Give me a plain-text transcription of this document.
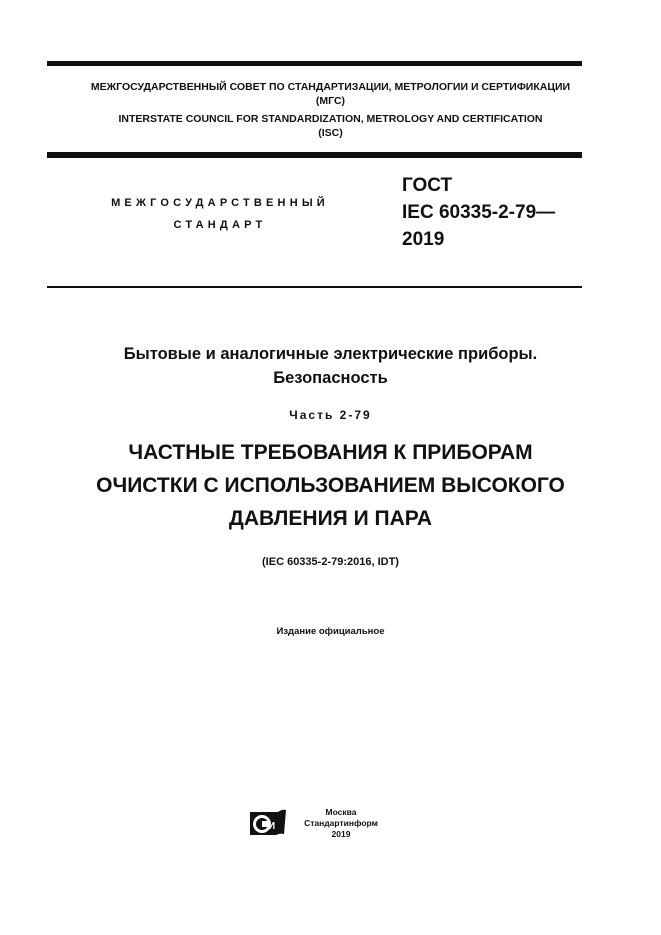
МЕЖГОСУДАРСТВЕННЫЙ СОВЕТ ПО СТАНДАРТИЗАЦИИ, МЕТРОЛОГИИ И СЕРТИФИКАЦИИ
(МГС)
INTERSTATE COUNCIL FOR STANDARDIZATION, METROLOGY AND CERTIFICATION
(ISC)
МЕЖГОСУДАРСТВЕННЫЙ
СТАНДАРТ
ГОСТ
IEC 60335-2-79—
2019
Бытовые и аналогичные электрические приборы.
Безопасность
Часть 2-79
ЧАСТНЫЕ ТРЕБОВАНИЯ К ПРИБОРАМ
ОЧИСТКИ С ИСПОЛЬЗОВАНИЕМ ВЫСОКОГО
ДАВЛЕНИЯ И ПАРА
(IEC 60335-2-79:2016, IDT)
Издание официальное
И
Москва
Стандартинформ
2019
